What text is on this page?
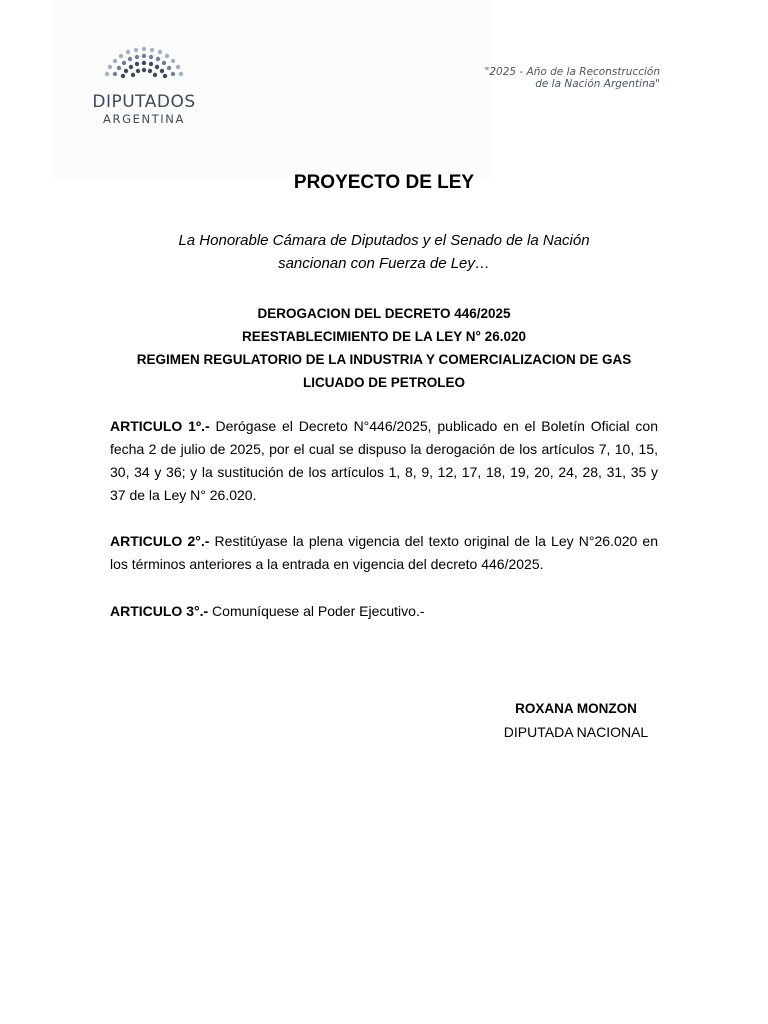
DIPUTADOS
ARGENTINA
"2025 - Año de la Reconstrucción
de la Nación Argentina"
PROYECTO DE LEY
La Honorable Cámara de Diputados y el Senado de la Nación
sancionan con Fuerza de Ley…
DEROGACION DEL DECRETO 446/2025
REESTABLECIMIENTO DE LA LEY N° 26.020
REGIMEN REGULATORIO DE LA INDUSTRIA Y COMERCIALIZACION DE GAS
LICUADO DE PETROLEO
ARTICULO 1º.- Derógase el Decreto N°446/2025, publicado en el Boletín Oficial con fecha 2 de julio de 2025, por el cual se dispuso la derogación de los artículos 7, 10, 15, 30, 34 y 36; y la sustitución de los artículos 1, 8, 9, 12, 17, 18, 19, 20, 24, 28, 31, 35 y 37 de la Ley N° 26.020.
ARTICULO 2°.- Restitúyase la plena vigencia del texto original de la Ley N°26.020 en los términos anteriores a la entrada en vigencia del decreto 446/2025.
ARTICULO 3°.- Comuníquese al Poder Ejecutivo.-
ROXANA MONZON
DIPUTADA NACIONAL
